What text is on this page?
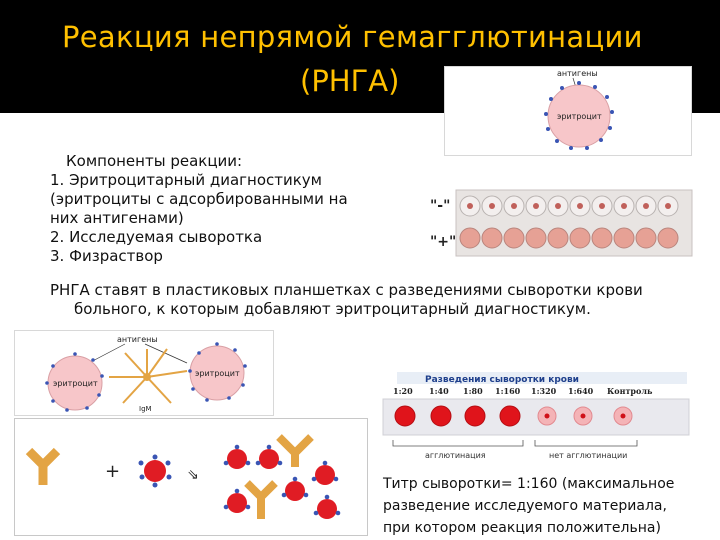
Реакция непрямой гемагглютинации
(РНГА)	антигены
эритроцит
Компоненты реакции:
1. Эритроцитарный диагностикум
(эритроциты с адсорбированными на
них антигенами)
2. Исследуемая сыворотка
3. Физраствор
"-"
"+"
РНГА ставят в пластиковых планшетках с разведениями сыворотки крови
больного, к которым добавляют эритроцитарный диагностикум.
антигены
эритроцит
эритроцит
IgM
+	⇘
Разведения сыворотки крови
1:20 1:40 1:80 1:160 1:320 1:640 Контроль
агглютинация	нет агглютинации
Титр сыворотки= 1:160 (максимальное
разведение исследуемого материала,
при котором реакция положительна)
